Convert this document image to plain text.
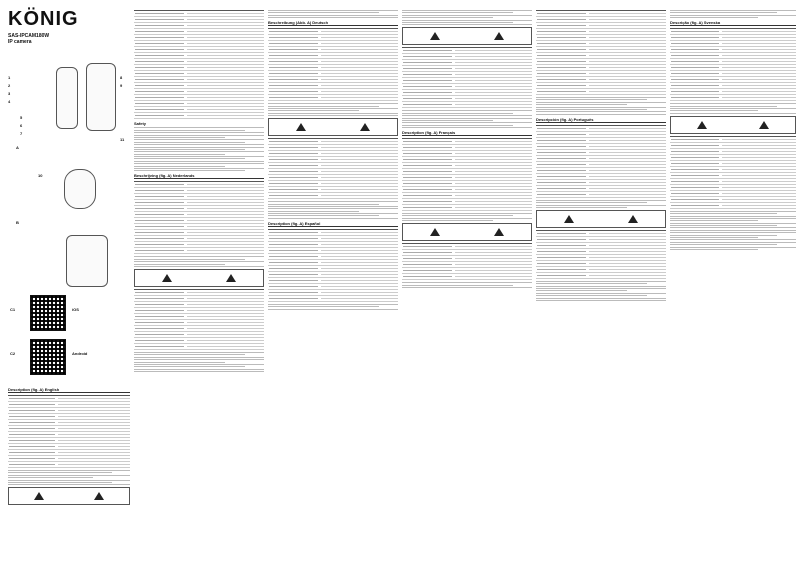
KÖNIG
SAS-IPCAM180W
IP camera
1
2
3
4
5
6
7
8
9
11
10
A
B
iOS
C1
Android
C2
Description (fig. A) English
Safety
Beschrijving (fig. A) Nederlands
Beschreibung (Abb. A) Deutsch
Description (fig. A) Español
Description (fig. A) Français
Descripción (fig. A) Português
Descrição (fig. A) Svenska
